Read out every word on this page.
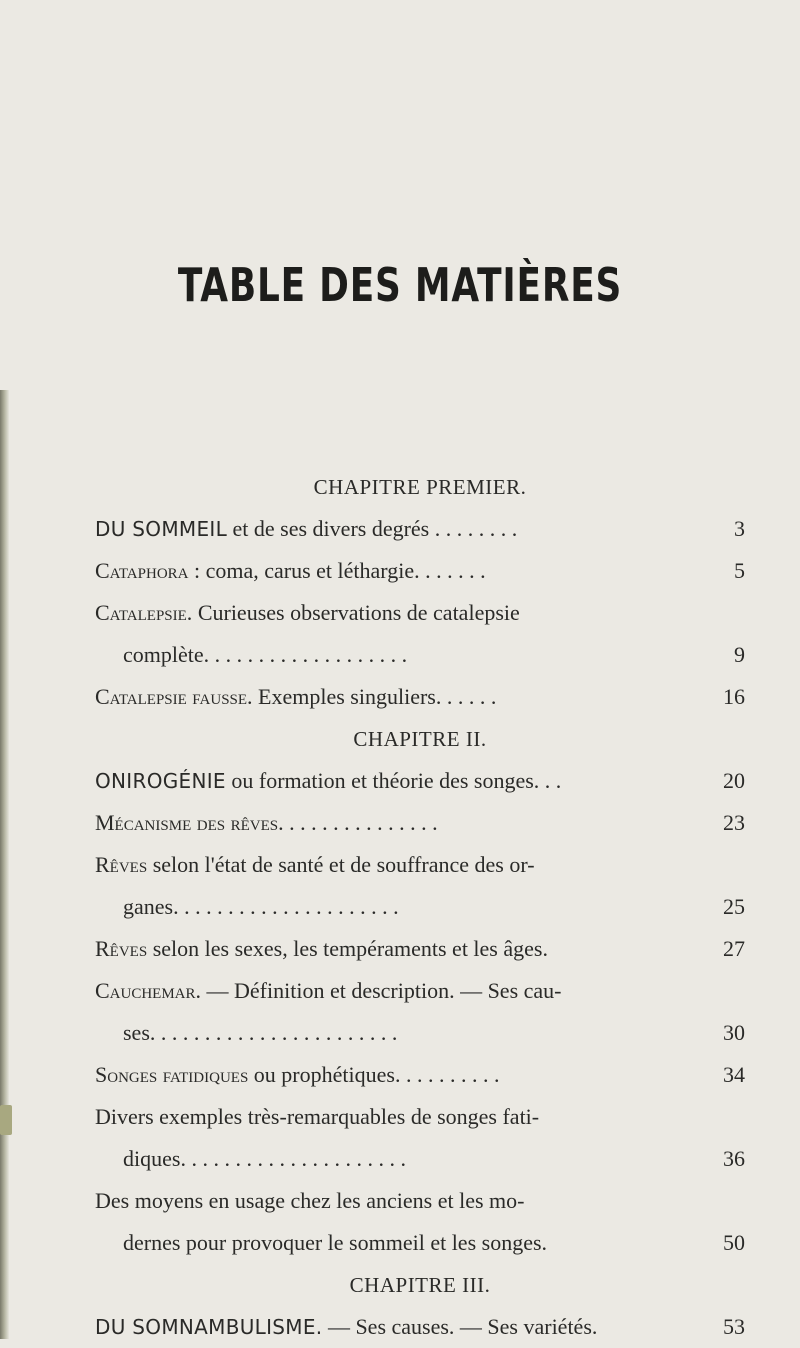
TABLE DES MATIÈRES
CHAPITRE PREMIER.
DU SOMMEIL et de ses divers degrés . . . . . . . .	3
Cataphora : coma, carus et léthargie. . . . . . .	5
Catalepsie. Curieuses observations de catalepsie
complète. . . . . . . . . . . . . . . . . . .	9
Catalepsie fausse. Exemples singuliers. . . . . .	16
CHAPITRE II.
ONIROGÉNIE ou formation et théorie des songes. . .	20
Mécanisme des rêves. . . . . . . . . . . . . . .	23
Rêves selon l'état de santé et de souffrance des or-
ganes. . . . . . . . . . . . . . . . . . . . .	25
Rêves selon les sexes, les tempéraments et les âges.	27
Cauchemar. — Définition et description. — Ses cau-
ses. . . . . . . . . . . . . . . . . . . . . . .	30
Songes fatidiques ou prophétiques. . . . . . . . . .	34
Divers exemples très-remarquables de songes fati-
diques. . . . . . . . . . . . . . . . . . . . .	36
Des moyens en usage chez les anciens et les mo-
dernes pour provoquer le sommeil et les songes.	50
CHAPITRE III.
DU SOMNAMBULISME. — Ses causes. — Ses variétés.	53
